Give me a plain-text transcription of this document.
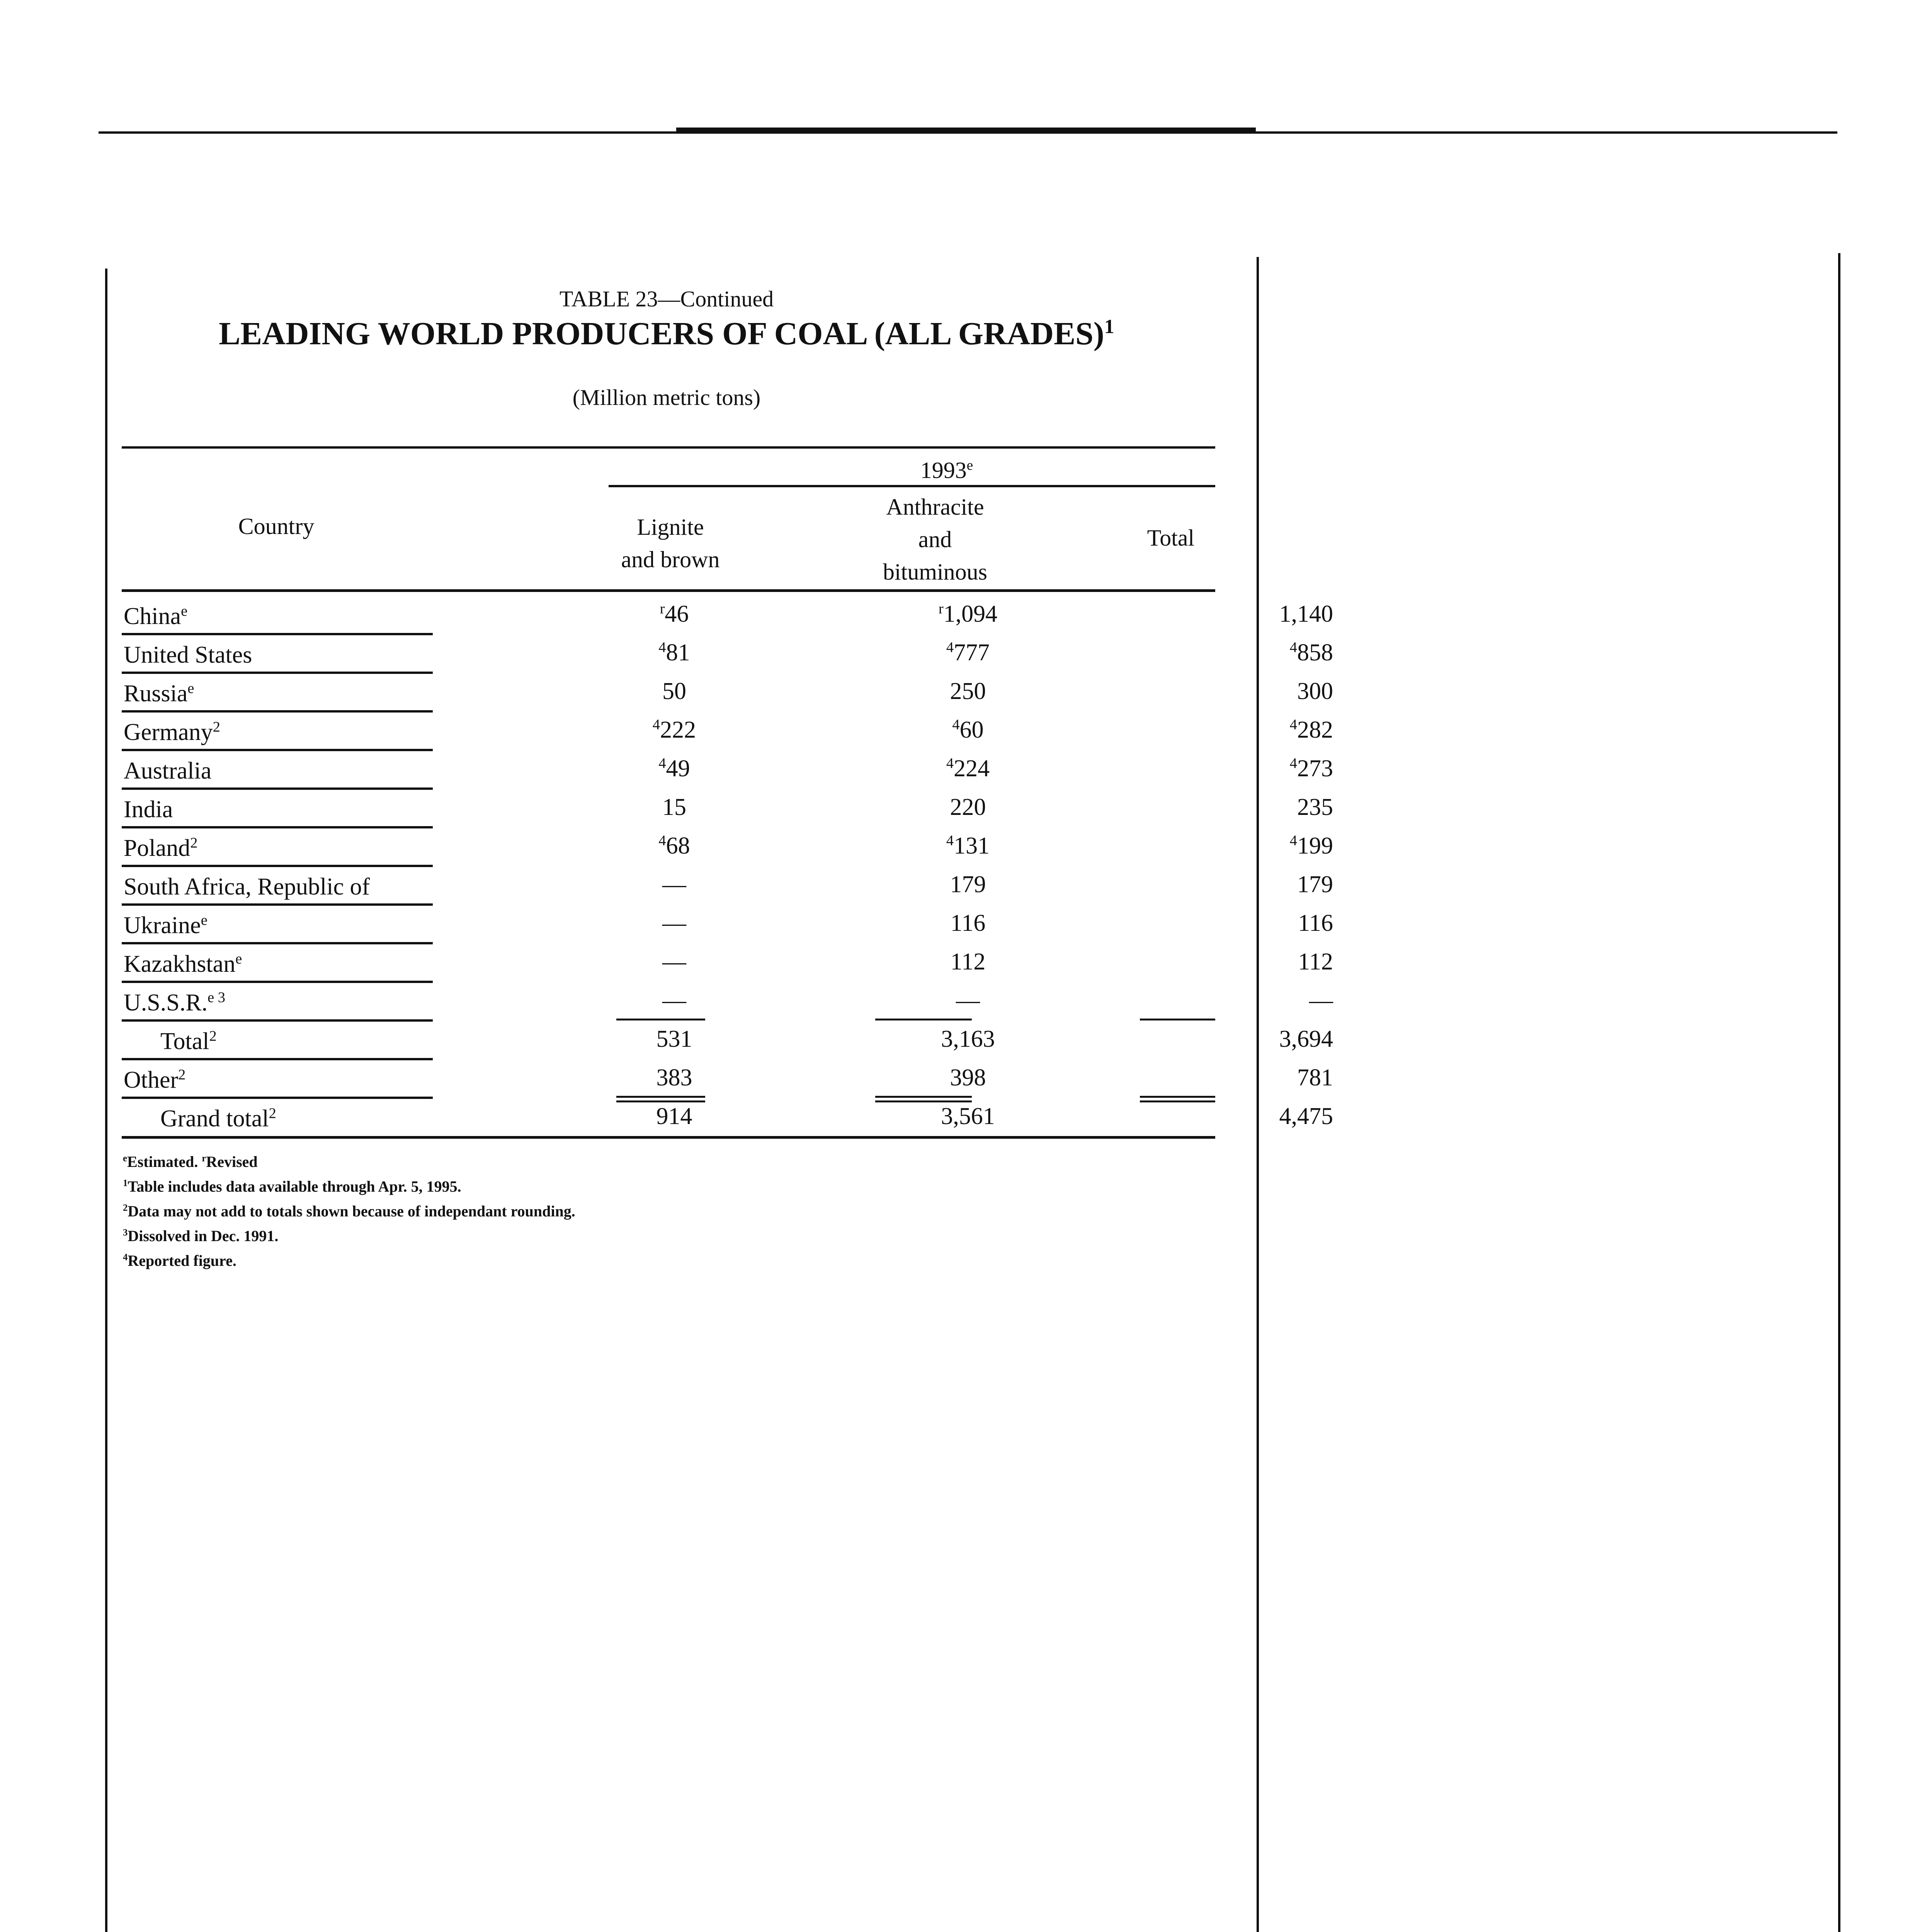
TABLE 23—Continued
LEADING WORLD PRODUCERS OF COAL (ALL GRADES)$^1$
(Million metric tons)
1993e
Country	Lignite
and brown
Anthracite
and
bituminous
Total
China$^e$	$^r$46	$^r$1,094	1,140
United States	$^4$81	$^4$777	$^4$858
Russia$^e$	50	250	300
Germany$^2$	$^4$222	$^4$60	$^4$282
Australia	$^4$49	$^4$224	$^4$273
India	15	220	235
Poland$^2$	$^4$68	$^4$131	$^4$199
South Africa, Republic of	—	179	179
Ukraine$^e$	—	116	116
Kazakhstan$^e$	—	112	112
U.S.S.R.$^{e 3}$	—	—	—
Total$^2$	531	3,163	3,694
Other$^2$	383	398	781
Grand total$^2$	914	3,561	4,475
$^e$Estimated. $^r$Revised
$^1$Table includes data available through Apr. 5, 1995.
$^2$Data may not add to totals shown because of independant rounding.
$^3$Dissolved in Dec. 1991.
$^4$Reported figure.
